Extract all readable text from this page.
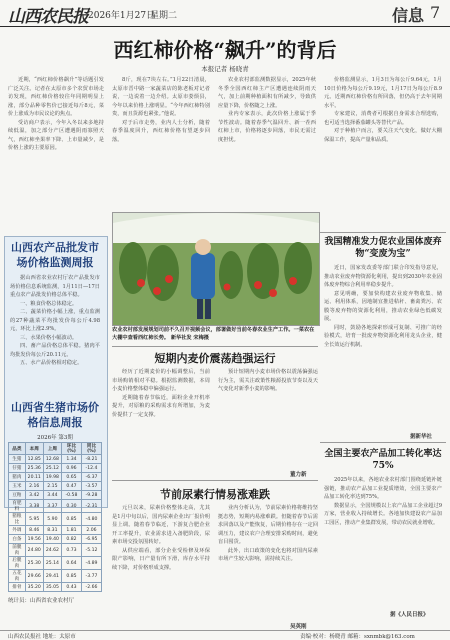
山西农民报 2026年1月27日
星期二	信息 7
西红柿价格“飙升”的背后
本报记者 杨晓青

近期，“西红柿价格飙升”等话题引发广泛关注。记者在太原市多个农贸市场走访发现，西红柿价格较往年同期明显上涨，部分品种零售价已接近每斤8元，菜价上涨成为市民议论的焦点。

受访商户表示，今年入冬以来多地持续低温，加之部分产区遭遇阴雨寡照天气，西红柿坐果率下降、上市量减少，是价格上涨的主要原因。

8斤，现在7块左右。”1月22日清晨，太原市晋中路一家蔬菜店的陈老板对记者说，一边说着一边介绍。太原市娄烦县，今年以来价格上涨明显。“今年西红柿特别贵，而且货源也紧张。”他说。

对于后市走势，业内人士分析，随着春季温度回升，西红柿价格有望逐步回落。

农业农村部监测数据显示，2025年秋冬季全国西红柿主产区遭遇连续阴雨天气，加上前期种植面积有所减少，导致供应量下降，价格随之上涨。

业内专家表示，此次价格上涨属于季节性波动。随着春季气温回升、新一茬西红柿上市，价格将逐步回落，市民无需过度担忧。

价格监测显示，1月3日为每公斤9.64元，1月10日价格为每公斤9.19元，1月17日为每公斤8.9元。近期西红柿价格有所回落，但仍高于去年同期水平。

专家建议，消费者可根据自身需求合理选购，也可适当选择番茄罐头等替代产品。

对于种植户而言，要关注天气变化，做好大棚保温工作，提高产量和品质。

农业农村部发展规划司前不久召开视频会议，部署做好当前冬春农业生产工作。一菜农在大棚中查看西红柿长势。 新华社发 宋梅摄
山西农产品批发市场价格监测周报

据山西省农业农村厅农产品批发市场价格信息系统监测，1月11日—17日重点农产品批发价格总体平稳。

一、粮食价格总体稳定。

二、蔬菜价格小幅上涨，重点监测的27种蔬菜平均批发价每公斤4.98元，环比上涨2.9%。

三、水果价格小幅波动。

四、畜产品价格总体平稳。猪肉平均批发价每公斤20.11元。

五、水产品价格相对稳定。

山西省生猪市场价格信息周报
2026年 第3期
品类	本周	上周	环比(%)	同比(%)
生猪	12.85	12.68	1.34	-8.21
仔猪	25.36	25.12	0.96	-12.4
猪肉	20.11	19.98	0.65	-6.37
玉米	2.16	2.15	0.47	-3.57
豆粕	3.42	3.44	-0.58	-9.28
育肥料	3.38	3.37	0.30	-2.31
猪粮比	5.95	5.90	0.85	-4.80
外调	8.46	8.31	1.81	2.06
白条	19.56	19.40	0.82	-6.95
前腿肉	24.80	24.62	0.73	-5.12
后腿肉	25.30	25.14	0.64	-4.89
五花肉	29.66	29.41	0.85	-3.77
排骨	35.20	35.05	0.43	-2.66

统计员：山西省农业农村厅
短期内麦价震荡趋强运行

经历了近期麦价的小幅调整后，当前市场购销相对平稳。根据监测数据，本周小麦价格整体稳中偏强运行。

近期随着春节临近，面粉企业开机率提升，对原粮的采购需求有所增加，为麦价提供了一定支撑。

预计短期内小麦市场价格以震荡偏强运行为主，需关注政策性粮源投放节奏以及天气变化对新季小麦的影响。

董力新
节前尿素行情易涨难跌

元旦以来，尿素价格整体走高，尤其是1月中旬以后，国内尿素企业出厂报价明显上调。随着春节临近，下游复合肥企业开工率提升，农业需求进入备肥阶段，尿素市场交投氛围转好。

从供应端看，部分企业受检修及环保限产影响，日产量有所下滑，库存水平持续下降，对价格形成支撑。

业内分析认为，节前尿素价格将维持坚挺态势，短期内易涨难跌。但随着春节后需求回落以及产能恢复，后期价格存在一定回调压力，建议农户合理安排采购时间，避免盲目囤货。

此外，出口政策的变化也将对国内尿素市场产生较大影响，需持续关注。

吴英刚
我国精准发力促农业国体废弃物“变废为宝”

近日，国家发改委等部门联合印发指导意见，推动农业废弃物资源化利用，提出到2030年农业固体废弃物综合利用率稳步提升。

意见明确，要加快构建农业废弃物收集、储运、利用体系，因地制宜推进秸秆、畜禽粪污、农膜等废弃物的资源化利用，推动农业绿色低碳发展。

同时，鼓励各地探索形成可复制、可推广的经验模式，培育一批废弃物资源化利用龙头企业，健全长效运行机制。

据新华社
全国主要农产品加工转化率达75%

2025年以来，各地农业农村部门围绕延链补链强链，推动农产品加工业提质增效，全国主要农产品加工转化率达到75%。

数据显示，全国规模以上农产品加工企业超过9万家，营业收入持续增长。各地加快建设农产品加工园区，推动产业集群发展，带动农民就业增收。

据《人民日报》
山西农民报社 地址：太原市	责编·校对：杨晓青 邮箱：sxnmbk@163.com
